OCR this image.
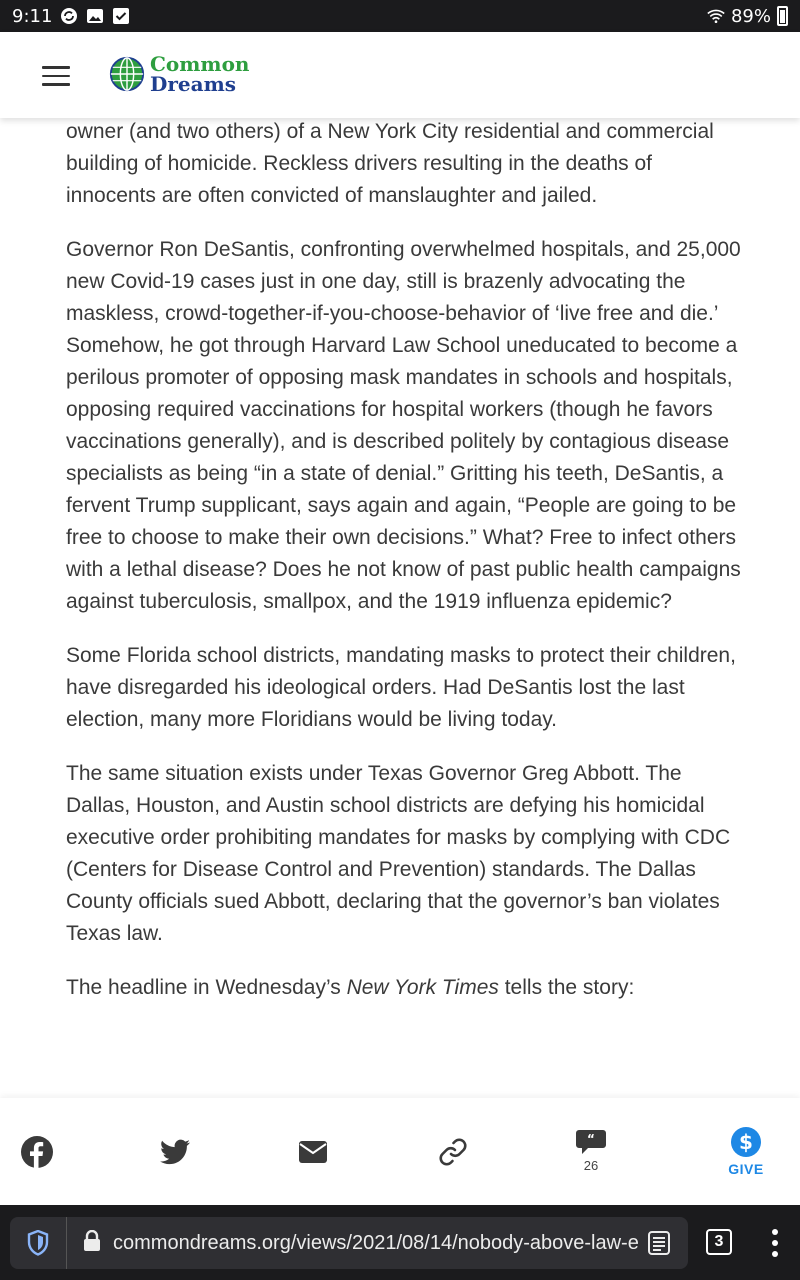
9:11	89%
Common
Dreams

owner (and two others) of a New York City residential and commercial building of homicide. Reckless drivers resulting in the deaths of innocents are often convicted of manslaughter and jailed.

Governor Ron DeSantis, confronting overwhelmed hospitals, and 25,000 new Covid-19 cases just in one day, still is brazenly advocating the maskless, crowd-together-if-you-choose-behavior of ‘live free and die.’ Somehow, he got through Harvard Law School uneducated to become a perilous promoter of opposing mask mandates in schools and hospitals, opposing required vaccinations for hospital workers (though he favors vaccinations generally), and is described politely by contagious disease specialists as being “in a state of denial.” Gritting his teeth, DeSantis, a fervent Trump supplicant, says again and again, “People are going to be free to choose to make their own decisions.” What? Free to infect others with a lethal disease? Does he not know of past public health campaigns against tuberculosis, smallpox, and the 1919 influenza epidemic?

Some Florida school districts, mandating masks to protect their children, have disregarded his ideological orders. Had DeSantis lost the last election, many more Floridians would be living today.

The same situation exists under Texas Governor Greg Abbott. The Dallas, Houston, and Austin school districts are defying his homicidal executive order prohibiting mandates for masks by complying with CDC (Centers for Disease Control and Prevention) standards. The Dallas County officials sued Abbott, declaring that the governor’s ban violates Texas law.

The headline in Wednesday’s New York Times tells the story:

“
26
$
GIVE
commondreams.org/views/2021/08/14/nobody-above-law-e	3
